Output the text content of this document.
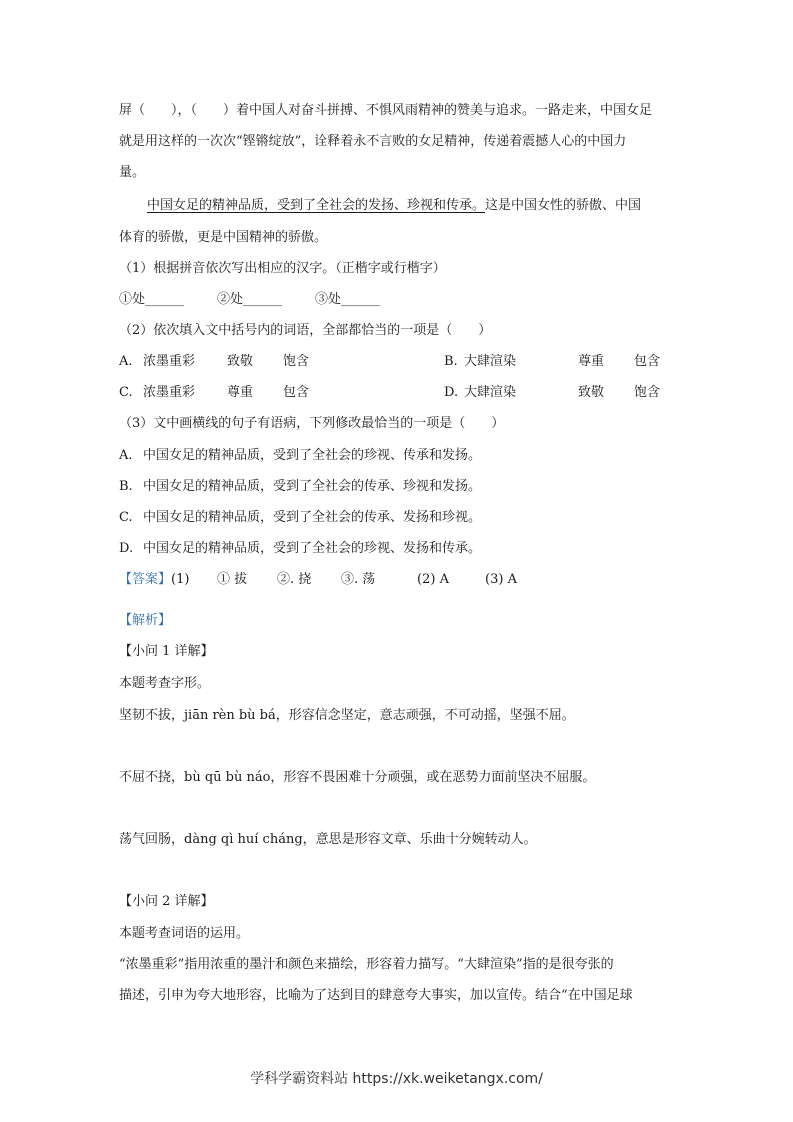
屏（　　），（　　）着中国人对奋斗拼搏、不惧风雨精神的赞美与追求。一路走来，中国女足
就是用这样的一次次“铿锵绽放”，诠释着永不言败的女足精神，传递着震撼人心的中国力
量。
中国女足的精神品质，受到了全社会的发扬、珍视和传承。这是中国女性的骄傲、中国
体育的骄傲，更是中国精神的骄傲。
（1）根据拼音依次写出相应的汉字。（正楷字或行楷字）
①处______	②处______	③处______
（2）依次填入文中括号内的词语，全部都恰当的一项是（　　）
A. 浓墨重彩 致敬 饱含	B. 大肆渲染	尊重 包含
C. 浓墨重彩 尊重 包含	D. 大肆渲染	致敬 饱含
（3）文中画横线的句子有语病，下列修改最恰当的一项是（　　）
A. 中国女足的精神品质，受到了全社会的珍视、传承和发扬。
B. 中国女足的精神品质，受到了全社会的传承、珍视和发扬。
C. 中国女足的精神品质，受到了全社会的传承、发扬和珍视。
D. 中国女足的精神品质，受到了全社会的珍视、发扬和传承。
【答案】(1) ① 拔 ②. 挠 ③. 荡	(2) A	(3) A
【解析】
【小问 1 详解】
本题考查字形。
坚韧不拔，jiān rèn bù bá，形容信念坚定，意志顽强，不可动摇，坚强不屈。
不屈不挠，bù qū bù náo，形容不畏困难十分顽强，或在恶势力面前坚决不屈服。
荡气回肠，dàng qì huí cháng，意思是形容文章、乐曲十分婉转动人。
【小问 2 详解】
本题考查词语的运用。
“浓墨重彩”指用浓重的墨汁和颜色来描绘，形容着力描写。“大肆渲染”指的是很夸张的
描述，引申为夸大地形容，比喻为了达到目的肆意夸大事实，加以宣传。结合“在中国足球
学科学霸资料站 https://xk.weiketangx.com/
